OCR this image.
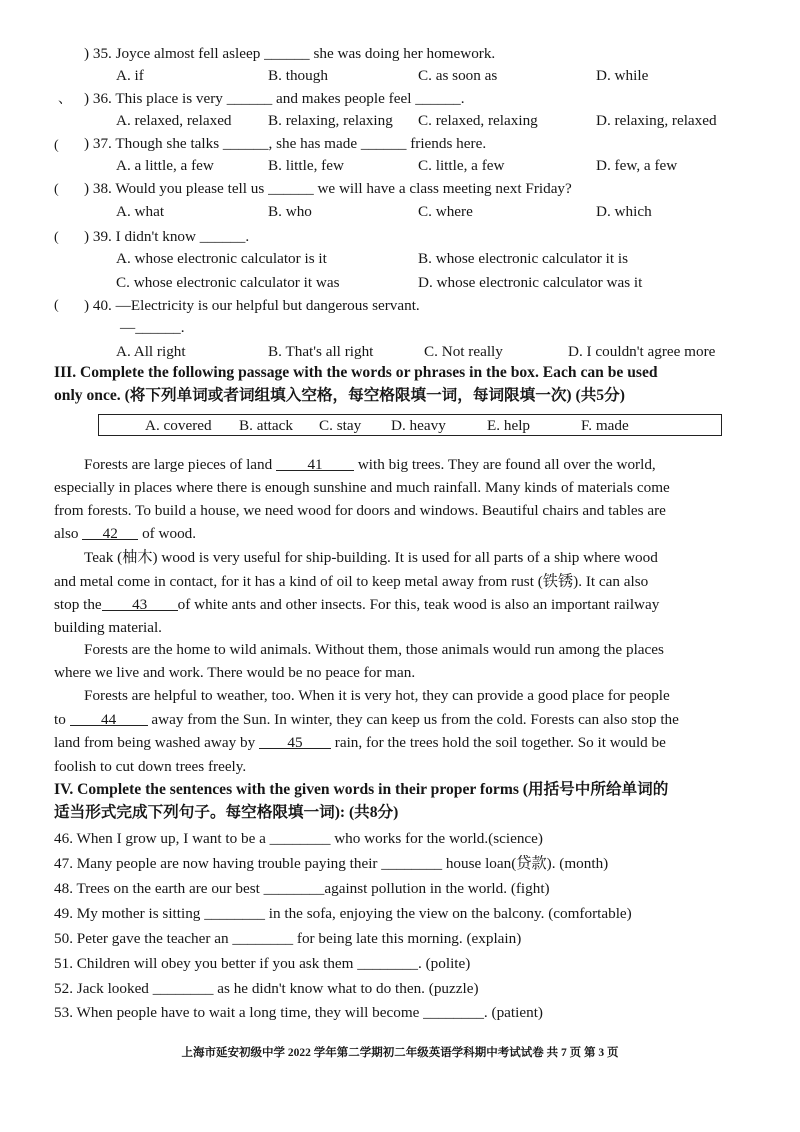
、
(
(
(
(
) 35. Joyce almost fell asleep ______ she was doing her homework.
A. if	B. though	C. as soon as	D. while
) 36. This place is very ______ and makes people feel ______.
A. relaxed, relaxed B. relaxing, relaxing C. relaxed, relaxing	D. relaxing, relaxed
) 37. Though she talks ______, she has made ______ friends here.
A. a little, a few	B. little, few	C. little, a few	D. few, a few
) 38. Would you please tell us ______ we will have a class meeting next Friday?
A. what	B. who	C. where	D. which
) 39. I didn't know ______.
A. whose electronic calculator is it	B. whose electronic calculator it is
C. whose electronic calculator it was	D. whose electronic calculator was it
) 40. —Electricity is our helpful but dangerous servant.
—______.
A. All right	B. That's all right	C. Not really	D. I couldn't agree more
III. Complete the following passage with the words or phrases in the box. Each can be used
only once. (将下列单词或者词组填入空格，每空格限填一词，每词限填一次) (共5分)
A. covered B. attack C. stay D. heavy	E. help	F. made
Forests are large pieces of land 41 with big trees. They are found all over the world,
especially in places where there is enough sunshine and much rainfall. Many kinds of materials come
from forests. To build a house, we need wood for doors and windows. Beautiful chairs and tables are
also 42 of wood.
Teak (柚木) wood is very useful for ship-building. It is used for all parts of a ship where wood
and metal come in contact, for it has a kind of oil to keep metal away from rust (铁锈). It can also
stop the 43 of white ants and other insects. For this, teak wood is also an important railway
building material.
Forests are the home to wild animals. Without them, those animals would run among the places
where we live and work. There would be no peace for man.
Forests are helpful to weather, too. When it is very hot, they can provide a good place for people
to 44 away from the Sun. In winter, they can keep us from the cold. Forests can also stop the
land from being washed away by 45 rain, for the trees hold the soil together. So it would be
foolish to cut down trees freely.
IV. Complete the sentences with the given words in their proper forms (用括号中所给单词的
适当形式完成下列句子。每空格限填一词): (共8分)
46. When I grow up, I want to be a ________ who works for the world.(science)
47. Many people are now having trouble paying their ________ house loan(贷款). (month)
48. Trees on the earth are our best ________against pollution in the world. (fight)
49. My mother is sitting ________ in the sofa, enjoying the view on the balcony. (comfortable)
50. Peter gave the teacher an ________ for being late this morning. (explain)
51. Children will obey you better if you ask them ________. (polite)
52. Jack looked ________ as he didn't know what to do then. (puzzle)
53. When people have to wait a long time, they will become ________. (patient)
上海市延安初级中学 2022 学年第二学期初二年级英语学科期中考试试卷 共 7 页 第 3 页
